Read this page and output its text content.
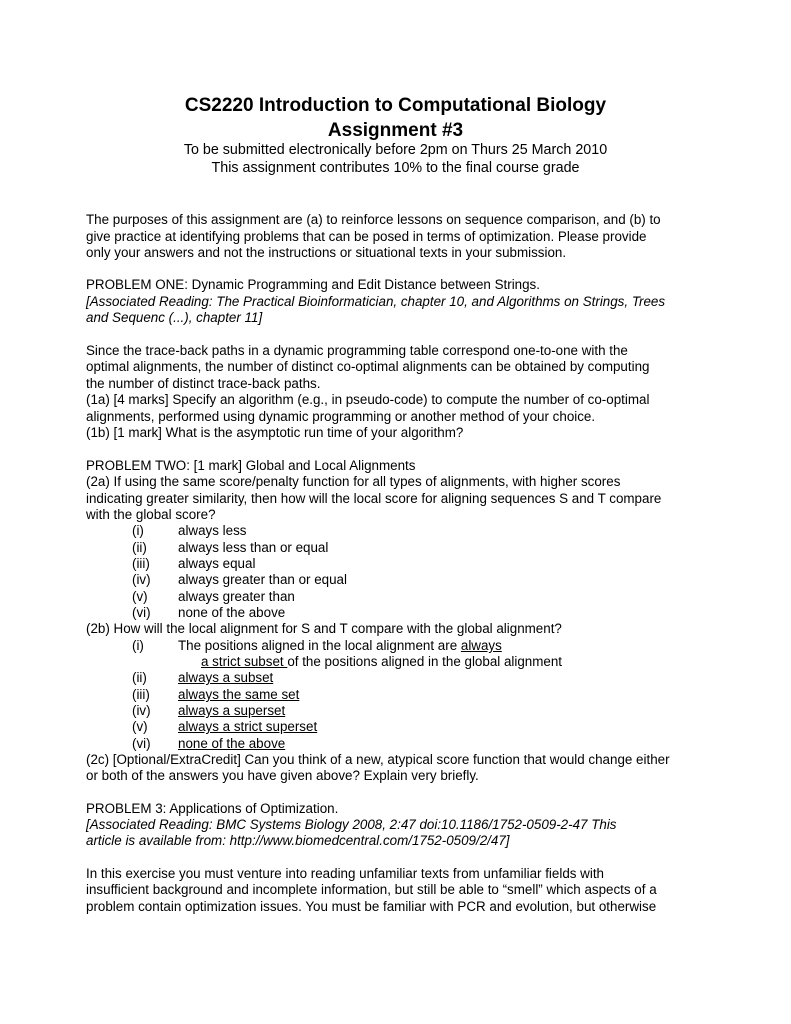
CS2220 Introduction to Computational Biology
Assignment #3
To be submitted electronically before 2pm on Thurs 25 March 2010
This assignment contributes 10% to the final course grade
The purposes of this assignment are (a) to reinforce lessons on sequence comparison, and (b) to
give practice at identifying problems that can be posed in terms of optimization. Please provide
only your answers and not the instructions or situational texts in your submission.
PROBLEM ONE: Dynamic Programming and Edit Distance between Strings.
[Associated Reading: The Practical Bioinformatician, chapter 10, and Algorithms on Strings, Trees
and Sequenc (...), chapter 11]
Since the trace-back paths in a dynamic programming table correspond one-to-one with the
optimal alignments, the number of distinct co-optimal alignments can be obtained by computing
the number of distinct trace-back paths.
(1a) [4 marks] Specify an algorithm (e.g., in pseudo-code) to compute the number of co-optimal
alignments, performed using dynamic programming or another method of your choice.
(1b) [1 mark] What is the asymptotic run time of your algorithm?
PROBLEM TWO: [1 mark] Global and Local Alignments
(2a) If using the same score/penalty function for all types of alignments, with higher scores
indicating greater similarity, then how will the local score for aligning sequences S and T compare
with the global score?
(i)	always less
(ii) always less than or equal
(iii) always equal
(iv) always greater than or equal
(v) always greater than
(vi) none of the above
(2b) How will the local alignment for S and T compare with the global alignment?
(i)	The positions aligned in the local alignment are always
a strict subset of the positions aligned in the global alignment
(ii) always a subset
(iii) always the same set
(iv) always a superset
(v) always a strict superset
(vi) none of the above
(2c) [Optional/ExtraCredit] Can you think of a new, atypical score function that would change either
or both of the answers you have given above? Explain very briefly.
PROBLEM 3: Applications of Optimization.
[Associated Reading: BMC Systems Biology 2008, 2:47 doi:10.1186/1752-0509-2-47 This
article is available from: http://www.biomedcentral.com/1752-0509/2/47]
In this exercise you must venture into reading unfamiliar texts from unfamiliar fields with
insufficient background and incomplete information, but still be able to “smell” which aspects of a
problem contain optimization issues. You must be familiar with PCR and evolution, but otherwise
